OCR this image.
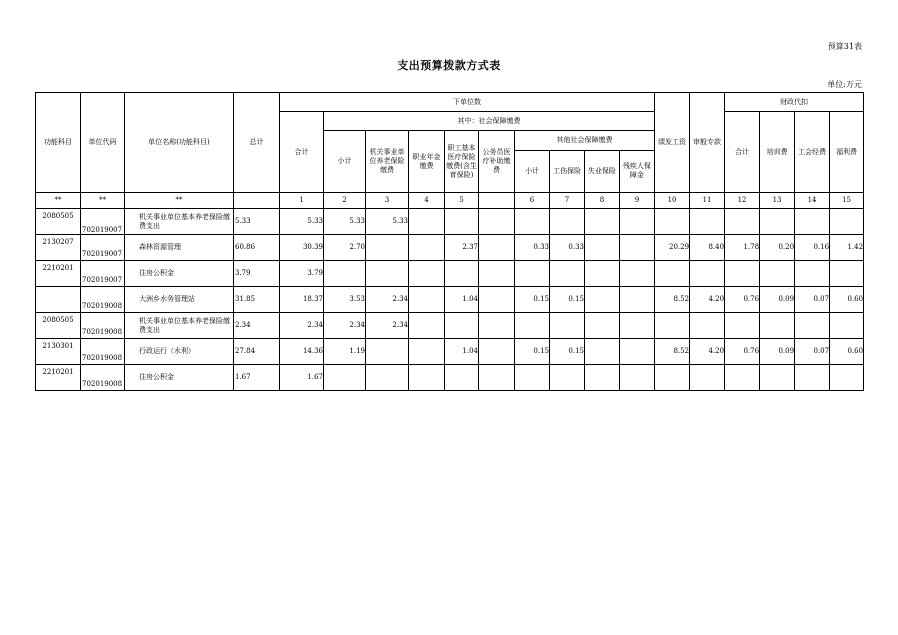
预算31表
支出预算拨款方式表
单位:万元
功能科目	单位代码	单位名称(功能科目)	总计	下单位数	绩发工资	审般专款	财政代扣
合计	其中：社会保障缴费	合计	培训费	工会经费	福利费
小计	机关事业单位养老保险缴费	职业年金缴费	职工基本医疗保险缴费(含生育保险)	公务员医疗补助缴费	
其他社会保障缴费
小计	工伤保险	失业保险	残疾人保障金

**	**	**		1	2	3	4	5		6	7	8	9	10	11	12	13	14	15
2080505	702019007	机关事业单位基本养老保险缴费支出	5.33	5.33	5.33	5.33													
2130207	702019007	森林资源管理	60.86	30.39	2.70			2.37		0.33	0.33			20.29	8.40	1.78	0.20	0.16	1.42
2210201	702019007	住房公积金	3.79	3.79															
	702019008	大洲乡水务管理站	31.85	18.37	3.53	2.34		1.04		0.15	0.15			8.52	4.20	0.76	0.09	0.07	0.60
2080505	702019008	机关事业单位基本养老保险缴费支出	2.34	2.34	2.34	2.34													
2130301	702019008	行政运行（水利）	27.84	14.36	1.19			1.04		0.15	0.15			8.52	4.20	0.76	0.09	0.07	0.60
2210201	702019008	住房公积金	1.67	1.67															
